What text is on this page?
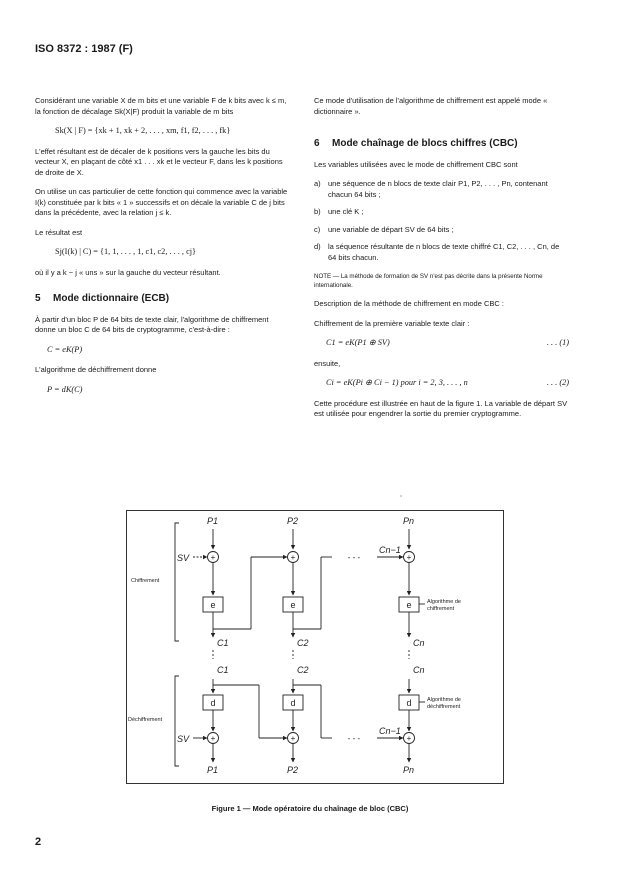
ISO 8372 : 1987 (F)

Considérant une variable X de m bits et une variable F de k bits avec k ≤ m, la fonction de décalage Sk(X|F) produit la variable de m bits

Sk(X | F) = {xk + 1, xk + 2, . . . , xm, f1, f2, . . . , fk}

L'effet résultant est de décaler de k positions vers la gauche les bits du vecteur X, en plaçant de côté x1 . . . xk et le vecteur F, dans les k positions de droite de X.

On utilise un cas particulier de cette fonction qui commence avec la variable I(k) constituée par k bits « 1 » successifs et on décale la variable C de j bits dans la précédente, avec la relation j ≤ k.

Le résultat est

Sj(I(k) | C) = {1, 1, . . . , 1, c1, c2, . . . , cj}

où il y a k − j « uns » sur la gauche du vecteur résultant.

5 Mode dictionnaire (ECB)

À partir d'un bloc P de 64 bits de texte clair, l'algorithme de chiffrement donne un bloc C de 64 bits de cryptogramme, c'est-à-dire :

C = eK(P)

L'algorithme de déchiffrement donne

P = dK(C)

Ce mode d'utilisation de l'algorithme de chiffrement est appelé mode « dictionnaire ».

6 Mode chaînage de blocs chiffres (CBC)

Les variables utilisées avec le mode de chiffrement CBC sont

a) une séquence de n blocs de texte clair P1, P2, . . . , Pn, contenant chacun 64 bits ;
b) une clé K ;
c) une variable de départ SV de 64 bits ;
d) la séquence résultante de n blocs de texte chiffré C1, C2, . . . , Cn, de 64 bits chacun.

NOTE — La méthode de formation de SV n'est pas décrite dans la présente Norme internationale.

Description de la méthode de chiffrement en mode CBC :

Chiffrement de la première variable texte clair :

C1 = eK(P1 ⊕ SV)	. . . (1)

ensuite,

Ci = eK(Pi ⊕ Ci − 1) pour i = 2, 3, . . . , n	. . . (2)

Cette procédure est illustrée en haut de la figure 1. La variable de départ SV est utilisée pour engendrer la sortie du premier cryptogramme.

ˇ
P1	P2	Pn
SV
SV
C1	C2	Cn
C1	C2	Cn
Cn−1
Cn−1
P1	P2	Pn
e	e	e
d	d	d
+	+	+
+	+	+
- - -
- - -
Chiffrement
Déchiffrement
Algorithme de
chiffrement
Algorithme de
déchiffrement
Figure 1 — Mode opératoire du chaînage de bloc (CBC)
2
